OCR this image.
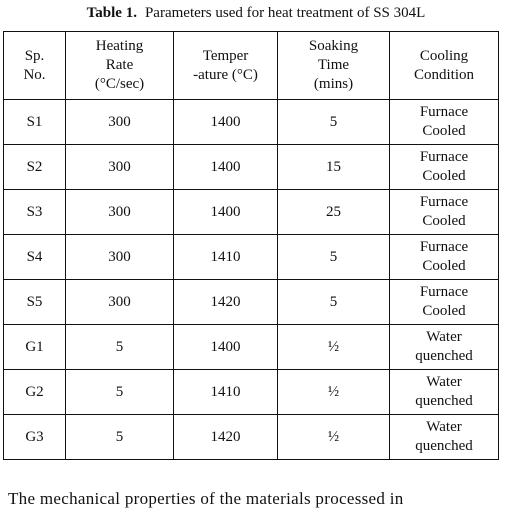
Table 1. Parameters used for heat treatment of SS 304L
Sp.
No.	Heating
Rate
(°C/sec)	Temper
-ature (°C)	Soaking
Time
(mins)	Cooling
Condition
S1	300	1400	5	Furnace
Cooled
S2	300	1400	15	Furnace
Cooled
S3	300	1400	25	Furnace
Cooled
S4	300	1410	5	Furnace
Cooled
S5	300	1420	5	Furnace
Cooled
G1	5	1400	½	Water
quenched
G2	5	1410	½	Water
quenched
G3	5	1420	½	Water
quenched
The mechanical properties of the materials processed in
